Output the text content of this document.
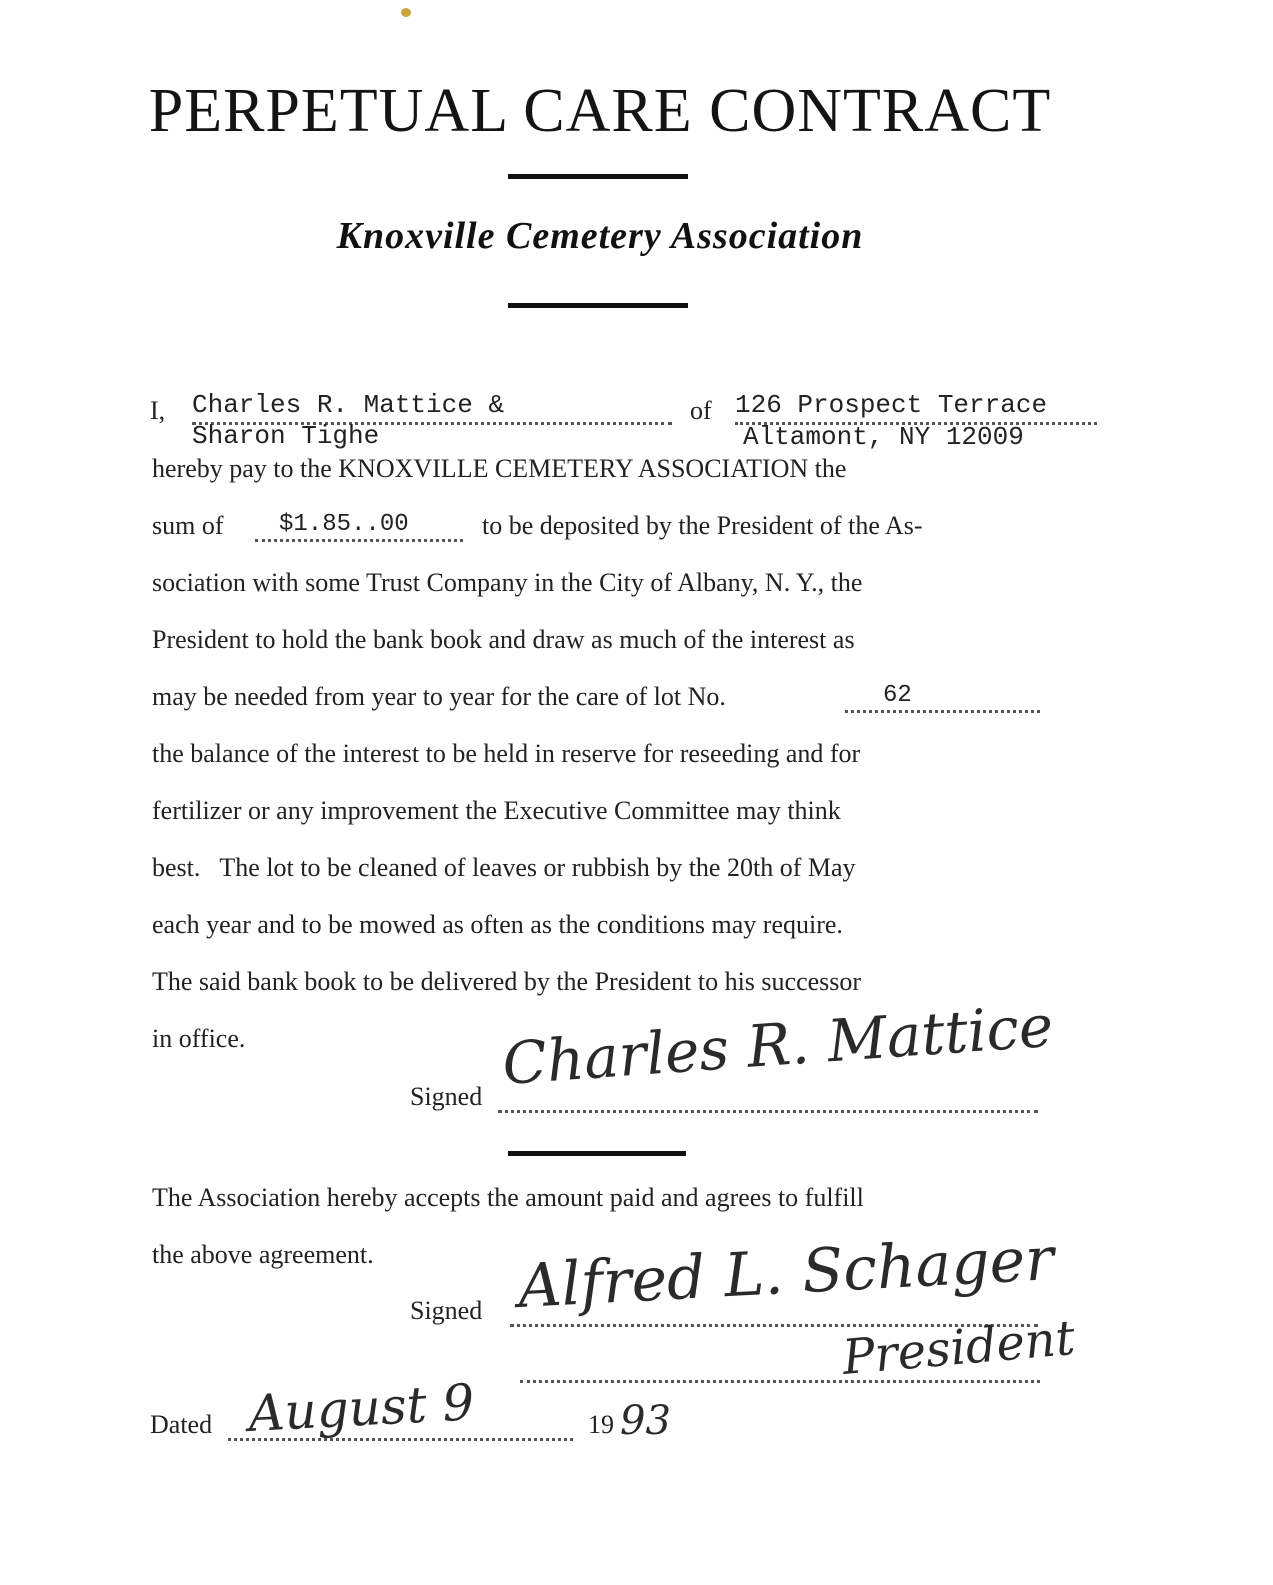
PERPETUAL CARE CONTRACT
Knoxville Cemetery Association
I, Charles R. Mattice &	of 126 Prospect Terrace
Sharon Tighe	Altamont, NY 12009
hereby pay to the KNOXVILLE CEMETERY ASSOCIATION the
sum of $1.85..00	to be deposited by the President of the As-
sociation with some Trust Company in the City of Albany, N. Y., the
President to hold the bank book and draw as much of the interest as
may be needed from year to year for the care of lot No.	62
the balance of the interest to be held in reserve for reseeding and for
fertilizer or any improvement the Executive Committee may think
best.   The lot to be cleaned of leaves or rubbish by the 20th of May
each year and to be mowed as often as the conditions may require.
The said bank book to be delivered by the President to his successor
in office.
Signed Charles R. Mattice
The Association hereby accepts the amount paid and agrees to fulfill
the above agreement.
Signed Alfred L. Schager
President
Dated August 9	19 93
